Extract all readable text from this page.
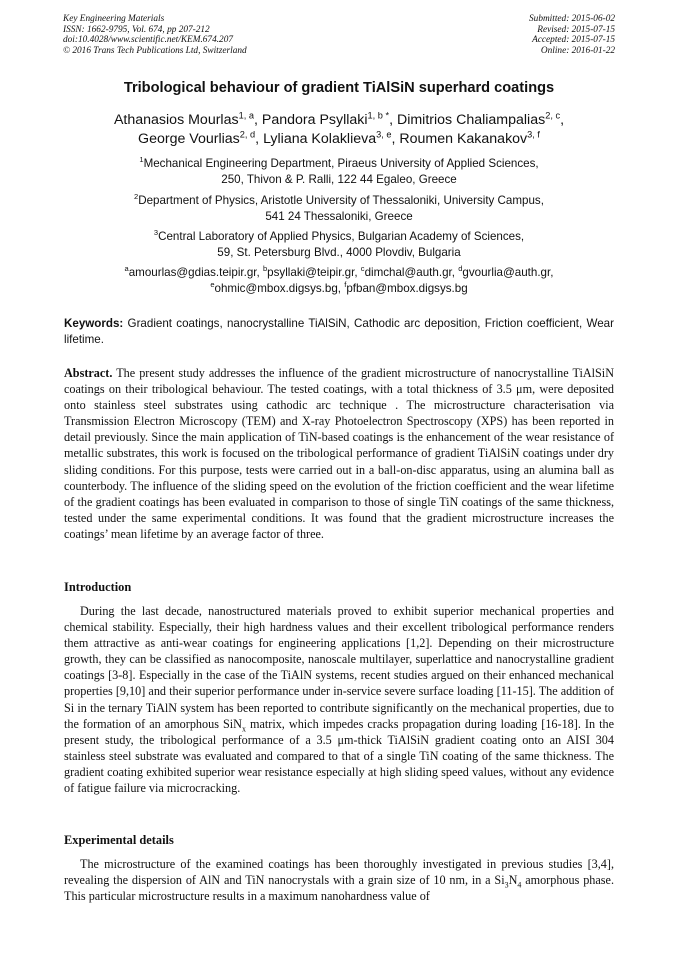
Key Engineering Materials
ISSN: 1662-9795, Vol. 674, pp 207-212
doi:10.4028/www.scientific.net/KEM.674.207
© 2016 Trans Tech Publications Ltd, Switzerland
Submitted: 2015-06-02
Revised: 2015-07-15
Accepted: 2015-07-15
Online: 2016-01-22
Tribological behaviour of gradient TiAlSiN superhard coatings
Athanasios Mourlas$^{1, a}$, Pandora Psyllaki$^{1, b *}$, Dimitrios Chaliampalias$^{2, c}$,
George Vourlias$^{2, d}$, Lyliana Kolaklieva$^{3, e}$, Roumen Kakanakov$^{3, f}$
$^1$Mechanical Engineering Department, Piraeus University of Applied Sciences,
250, Thivon & P. Ralli, 122 44 Egaleo, Greece
$^2$Department of Physics, Aristotle University of Thessaloniki, University Campus,
541 24 Thessaloniki, Greece
$^3$Central Laboratory of Applied Physics, Bulgarian Academy of Sciences,
59, St. Petersburg Blvd., 4000 Plovdiv, Bulgaria
$^a$amourlas@gdias.teipir.gr, $^b$psyllaki@teipir.gr, $^c$dimchal@auth.gr, $^d$gvourlia@auth.gr,
$^e$ohmic@mbox.digsys.bg, $^f$pfban@mbox.digsys.bg
Keywords: Gradient coatings, nanocrystalline TiAlSiN, Cathodic arc deposition, Friction coefficient, Wear lifetime.

Abstract. The present study addresses the influence of the gradient microstructure of nanocrystalline TiAlSiN coatings on their tribological behaviour. The tested coatings, with a total thickness of 3.5 μm, were deposited onto stainless steel substrates using cathodic arc technique . The microstructure characterisation via Transmission Electron Microscopy (TEM) and X-ray Photoelectron Spectroscopy (XPS) has been reported in detail previously. Since the main application of TiN-based coatings is the enhancement of the wear resistance of metallic substrates, this work is focused on the tribological performance of gradient TiAlSiN coatings under dry sliding conditions. For this purpose, tests were carried out in a ball-on-disc apparatus, using an alumina ball as counterbody. The influence of the sliding speed on the evolution of the friction coefficient and the wear lifetime of the gradient coatings has been evaluated in comparison to those of single TiN coatings of the same thickness, tested under the same experimental conditions. It was found that the gradient microstructure increases the coatings’ mean lifetime by an average factor of three.

Introduction

During the last decade, nanostructured materials proved to exhibit superior mechanical properties and chemical stability. Especially, their high hardness values and their excellent tribological performance renders them attractive as anti-wear coatings for engineering applications [1,2]. Depending on their microstructure growth, they can be classified as nanocomposite, nanoscale multilayer, superlattice and nanocrystalline gradient coatings [3-8]. Especially in the case of the TiAlN systems, recent studies argued on their enhanced mechanical properties [9,10] and their superior performance under in-service severe surface loading [11-15]. The addition of Si in the ternary TiAlN system has been reported to contribute significantly on the mechanical properties, due to the formation of an amorphous SiN$_x$ matrix, which impedes cracks propagation during loading [16-18]. In the present study, the tribological performance of a 3.5 μm-thick TiAlSiN gradient coating onto an AISI 304 stainless steel substrate was evaluated and compared to that of a single TiN coating of the same thickness. The gradient coating exhibited superior wear resistance especially at high sliding speed values, without any evidence of fatigue failure via microcracking.

Experimental details

The microstructure of the examined coatings has been thoroughly investigated in previous studies [3,4], revealing the dispersion of AlN and TiN nanocrystals with a grain size of 10 nm, in a $Si_3N_4$ amorphous phase. This particular microstructure results in a maximum nanohardness value of
